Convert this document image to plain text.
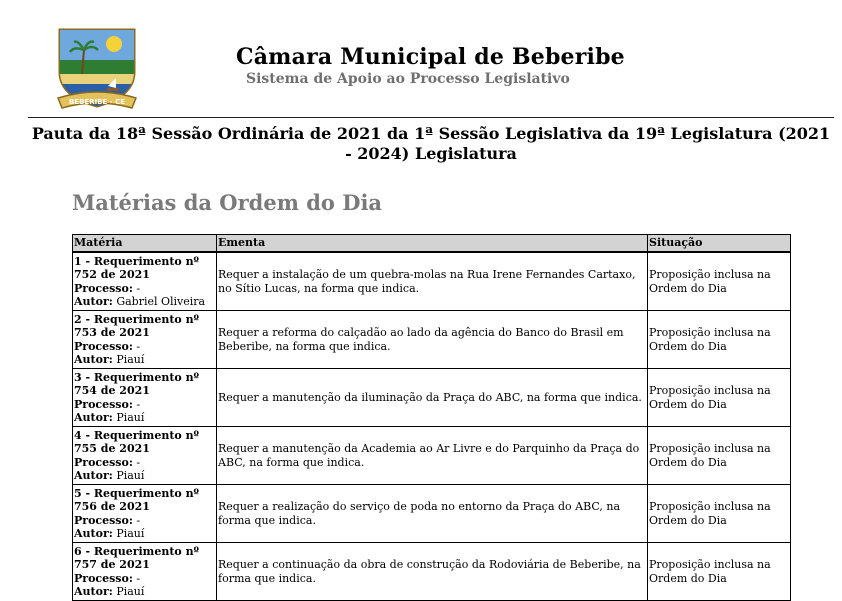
BEBERIBE - CE
Câmara Municipal de Beberibe
Sistema de Apoio ao Processo Legislativo
Pauta da 18ª Sessão Ordinária de 2021 da 1ª Sessão Legislativa da 19ª Legislatura (2021 - 2024) Legislatura
Matérias da Ordem do Dia
Matéria	Ementa	Situação
1 - Requerimento nº 752 de 2021
Processo: -
Autor: Gabriel Oliveira	Requer a instalação de um quebra-molas na Rua Irene Fernandes Cartaxo, no Sítio Lucas, na forma que indica.	Proposição inclusa na Ordem do Dia
2 - Requerimento nº 753 de 2021
Processo: -
Autor: Piauí	Requer a reforma do calçadão ao lado da agência do Banco do Brasil em Beberibe, na forma que indica.	Proposição inclusa na Ordem do Dia
3 - Requerimento nº 754 de 2021
Processo: -
Autor: Piauí	Requer a manutenção da iluminação da Praça do ABC, na forma que indica.	Proposição inclusa na Ordem do Dia
4 - Requerimento nº 755 de 2021
Processo: -
Autor: Piauí	Requer a manutenção da Academia ao Ar Livre e do Parquinho da Praça do ABC, na forma que indica.	Proposição inclusa na Ordem do Dia
5 - Requerimento nº 756 de 2021
Processo: -
Autor: Piauí	Requer a realização do serviço de poda no entorno da Praça do ABC, na forma que indica.	Proposição inclusa na Ordem do Dia
6 - Requerimento nº 757 de 2021
Processo: -
Autor: Piauí	Requer a continuação da obra de construção da Rodoviária de Beberibe, na forma que indica.	Proposição inclusa na Ordem do Dia
